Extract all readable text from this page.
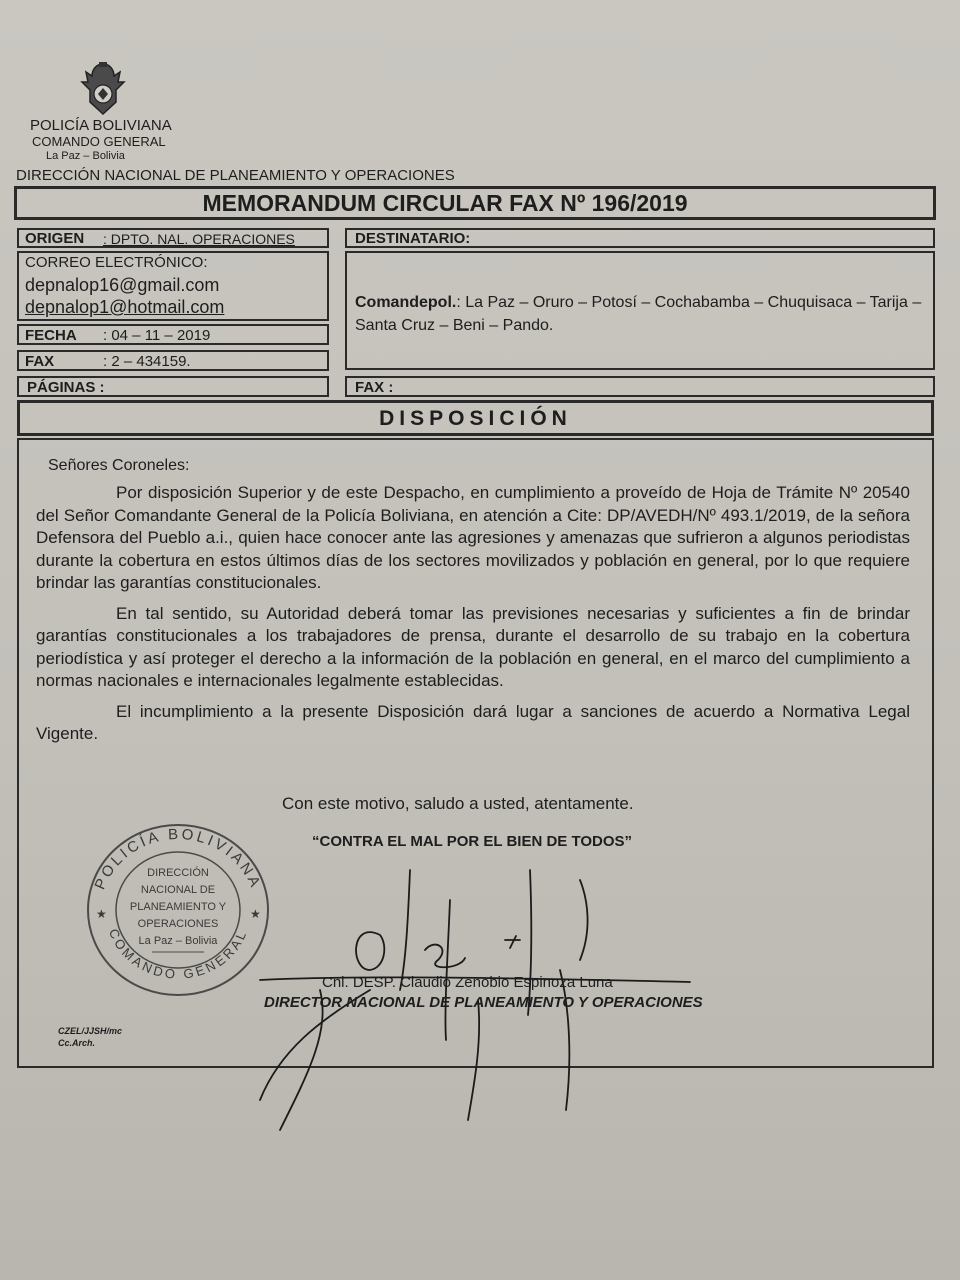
POLICÍA BOLIVIANA
COMANDO GENERAL
La Paz – Bolivia
DIRECCIÓN NACIONAL DE PLANEAMIENTO Y OPERACIONES
MEMORANDUM CIRCULAR FAX Nº 196/2019
ORIGEN : DPTO. NAL. OPERACIONES
CORREO ELECTRÓNICO:
depnalop16@gmail.com
depnalop1@hotmail.com
FECHA : 04 – 11 – 2019
FAX	: 2 – 434159.
PÁGINAS :
DESTINATARIO:
Comandepol.: La Paz – Oruro – Potosí – Cochabamba – Chuquisaca – Tarija – Santa Cruz – Beni – Pando.
FAX :
DISPOSICIÓN
Señores Coroneles:

Por disposición Superior y de este Despacho, en cumplimiento a proveído de Hoja de Trámite Nº 20540 del Señor Comandante General de la Policía Boliviana, en atención a Cite: DP/AVEDH/Nº 493.1/2019, de la señora Defensora del Pueblo a.i., quien hace conocer ante las agresiones y amenazas que sufrieron a algunos periodistas durante la cobertura en estos últimos días de los sectores movilizados y población en general, por lo que requiere brindar las garantías constitucionales.

En tal sentido, su Autoridad deberá tomar las previsiones necesarias y suficientes a fin de brindar garantías constitucionales a los trabajadores de prensa, durante el desarrollo de su trabajo en la cobertura periodística y así proteger el derecho a la información de la población en general, en el marco del cumplimiento a normas nacionales e internacionales legalmente establecidas.

El incumplimiento a la presente Disposición dará lugar a sanciones de acuerdo a Normativa Legal Vigente.

Con este motivo, saludo a usted, atentamente.
“CONTRA EL MAL POR EL BIEN DE TODOS”
POLICÍA BOLIVIANA
COMANDO GENERAL
★	★
DIRECCIÓN
NACIONAL DE
PLANEAMIENTO Y
OPERACIONES
La Paz – Bolivia
Cnl. DESP. Claudio Zenobio Espinoza Luna
DIRECTOR NACIONAL DE PLANEAMIENTO Y OPERACIONES
CZEL/JJSH/mc
Cc.Arch.
